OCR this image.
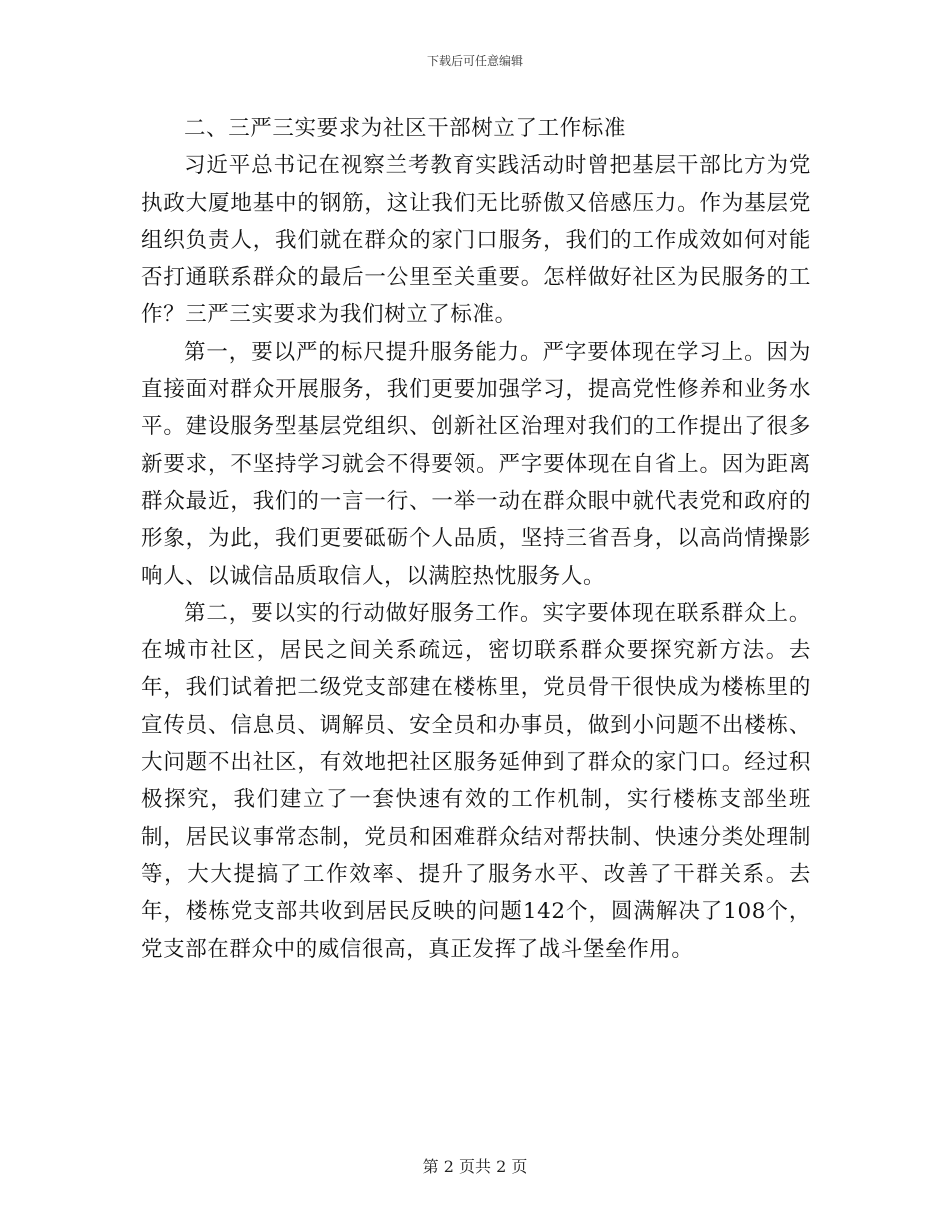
下载后可任意编辑

二、三严三实要求为社区干部树立了工作标准

习近平总书记在视察兰考教育实践活动时曾把基层干部比方为党执政大厦地基中的钢筋，这让我们无比骄傲又倍感压力。作为基层党组织负责人，我们就在群众的家门口服务，我们的工作成效如何对能否打通联系群众的最后一公里至关重要。怎样做好社区为民服务的工作？三严三实要求为我们树立了标准。

第一，要以严的标尺提升服务能力。严字要体现在学习上。因为直接面对群众开展服务，我们更要加强学习，提高党性修养和业务水平。建设服务型基层党组织、创新社区治理对我们的工作提出了很多新要求，不坚持学习就会不得要领。严字要体现在自省上。因为距离群众最近，我们的一言一行、一举一动在群众眼中就代表党和政府的形象，为此，我们更要砥砺个人品质，坚持三省吾身，以高尚情操影响人、以诚信品质取信人，以满腔热忱服务人。

第二，要以实的行动做好服务工作。实字要体现在联系群众上。在城市社区，居民之间关系疏远，密切联系群众要探究新方法。去年，我们试着把二级党支部建在楼栋里，党员骨干很快成为楼栋里的宣传员、信息员、调解员、安全员和办事员，做到小问题不出楼栋、大问题不出社区，有效地把社区服务延伸到了群众的家门口。经过积极探究，我们建立了一套快速有效的工作机制，实行楼栋支部坐班制，居民议事常态制，党员和困难群众结对帮扶制、快速分类处理制等，大大提搞了工作效率、提升了服务水平、改善了干群关系。去年，楼栋党支部共收到居民反映的问题142个，圆满解决了108个，党支部在群众中的威信很高，真正发挥了战斗堡垒作用。

第 2 页共 2 页
